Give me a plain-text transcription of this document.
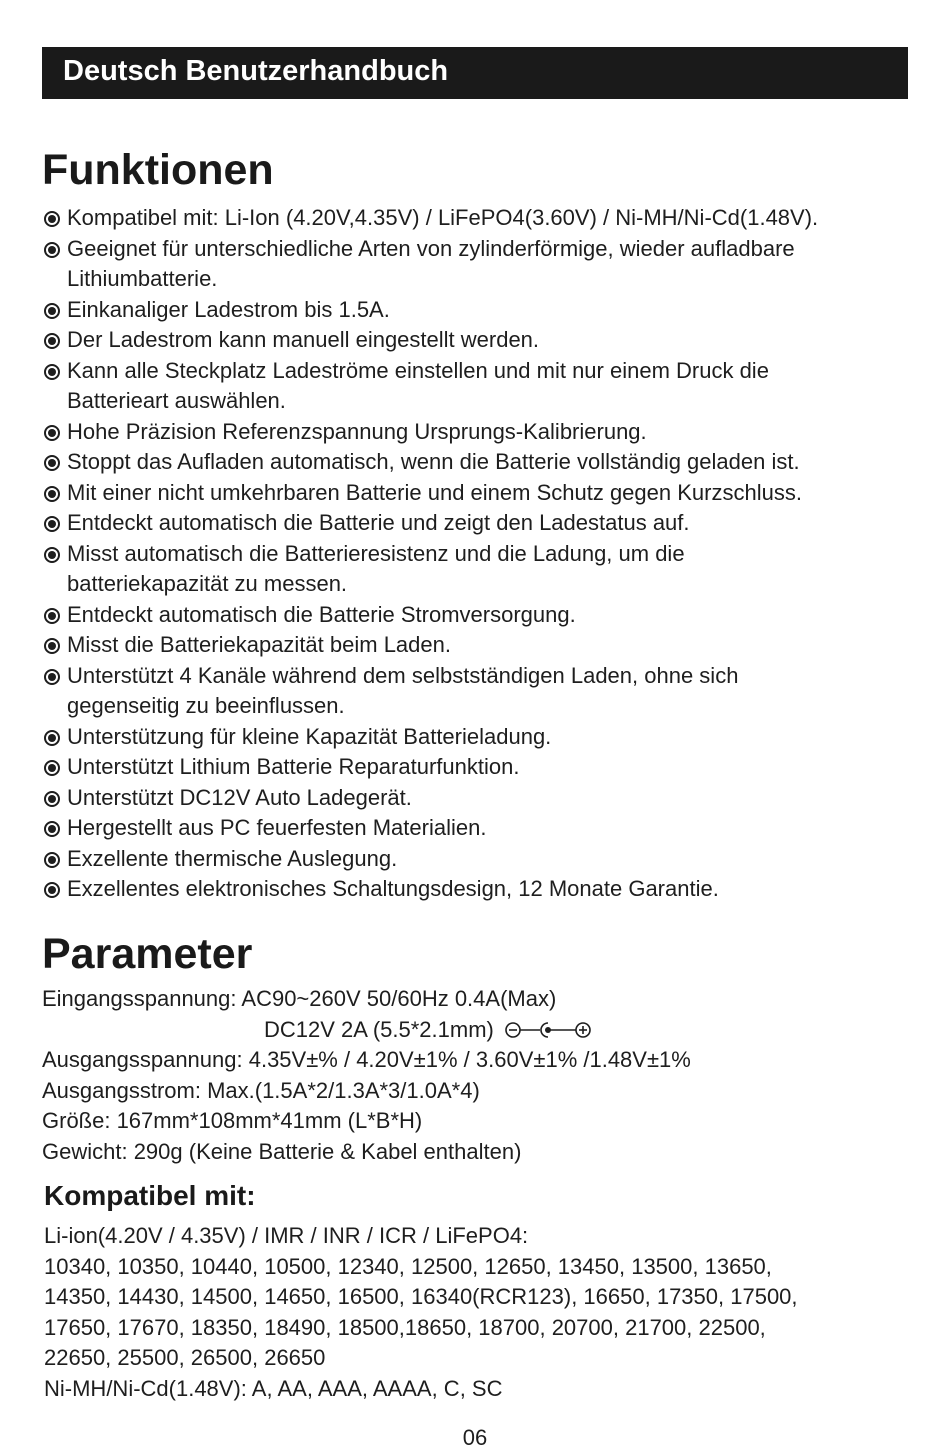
Deutsch Benutzerhandbuch
Funktionen
Kompatibel mit: Li-Ion (4.20V,4.35V) / LiFePO4(3.60V) / Ni-MH/Ni-Cd(1.48V).
Geeignet für unterschiedliche Arten von zylinderförmige, wieder aufladbare
Lithiumbatterie.
Einkanaliger Ladestrom bis 1.5A.
Der Ladestrom kann manuell eingestellt werden.
Kann alle Steckplatz Ladeströme einstellen und mit nur einem Druck die
Batterieart auswählen.
Hohe Präzision Referenzspannung Ursprungs-Kalibrierung.
Stoppt das Aufladen automatisch, wenn die Batterie vollständig geladen ist.
Mit einer nicht umkehrbaren Batterie und einem Schutz gegen Kurzschluss.
Entdeckt automatisch die Batterie und zeigt den Ladestatus auf.
Misst automatisch die Batterieresistenz und die Ladung, um die
batteriekapazität zu messen.
Entdeckt automatisch die Batterie Stromversorgung.
Misst die Batteriekapazität beim Laden.
Unterstützt 4 Kanäle während dem selbstständigen Laden, ohne sich
gegenseitig zu beeinflussen.
Unterstützung für kleine Kapazität Batterieladung.
Unterstützt Lithium Batterie Reparaturfunktion.
Unterstützt DC12V Auto Ladegerät.
Hergestellt aus PC feuerfesten Materialien.
Exzellente thermische Auslegung.
Exzellentes elektronisches Schaltungsdesign, 12 Monate Garantie.
Parameter
Eingangsspannung: AC90~260V 50/60Hz 0.4A(Max)
DC12V 2A (5.5*2.1mm)
Ausgangsspannung: 4.35V±% / 4.20V±1% / 3.60V±1% /1.48V±1%
Ausgangsstrom: Max.(1.5A*2/1.3A*3/1.0A*4)
Größe: 167mm*108mm*41mm (L*B*H)
Gewicht: 290g (Keine Batterie & Kabel enthalten)
Kompatibel mit:
Li-ion(4.20V / 4.35V) / IMR / INR / ICR / LiFePO4:
10340, 10350, 10440, 10500, 12340, 12500, 12650, 13450, 13500, 13650,
14350, 14430, 14500, 14650, 16500, 16340(RCR123), 16650, 17350, 17500,
17650, 17670, 18350, 18490, 18500,18650, 18700, 20700, 21700, 22500,
22650, 25500, 26500, 26650
Ni-MH/Ni-Cd(1.48V): A, AA, AAA, AAAA, C, SC
06
